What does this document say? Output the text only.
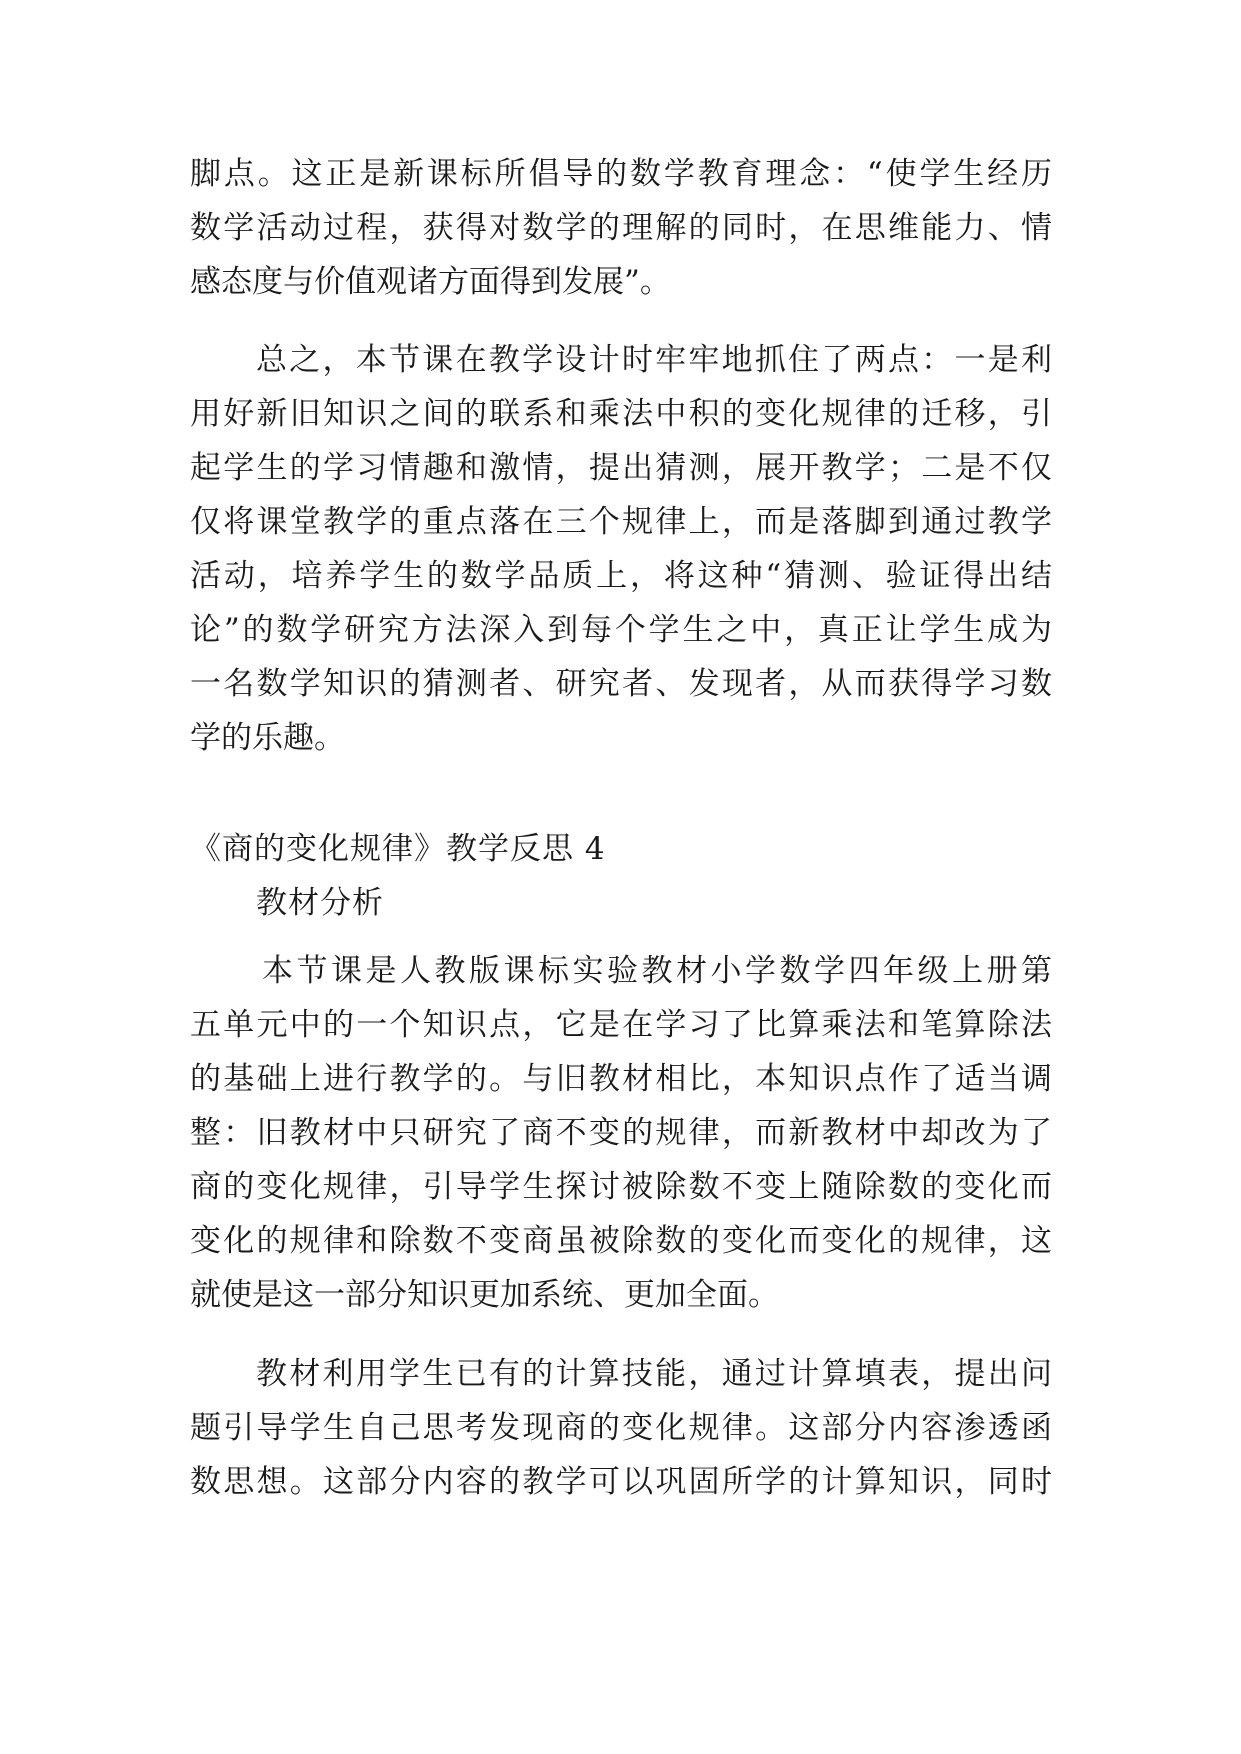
脚点。这正是新课标所倡导的数学教育理念：“使学生经历
数学活动过程，获得对数学的理解的同时，在思维能力、情
感态度与价值观诸方面得到发展”。
总之，本节课在教学设计时牢牢地抓住了两点：一是利
用好新旧知识之间的联系和乘法中积的变化规律的迁移，引
起学生的学习情趣和激情，提出猜测，展开教学；二是不仅
仅将课堂教学的重点落在三个规律上，而是落脚到通过教学
活动，培养学生的数学品质上，将这种“猜测、验证得出结
论”的数学研究方法深入到每个学生之中，真正让学生成为
一名数学知识的猜测者、研究者、发现者，从而获得学习数
学的乐趣。
《商的变化规律》教学反思 4
教材分析
本节课是人教版课标实验教材小学数学四年级上册第
五单元中的一个知识点，它是在学习了比算乘法和笔算除法
的基础上进行教学的。与旧教材相比，本知识点作了适当调
整：旧教材中只研究了商不变的规律，而新教材中却改为了
商的变化规律，引导学生探讨被除数不变上随除数的变化而
变化的规律和除数不变商虽被除数的变化而变化的规律，这
就使是这一部分知识更加系统、更加全面。
教材利用学生已有的计算技能，通过计算填表，提出问
题引导学生自己思考发现商的变化规律。这部分内容渗透函
数思想。这部分内容的教学可以巩固所学的计算知识，同时
